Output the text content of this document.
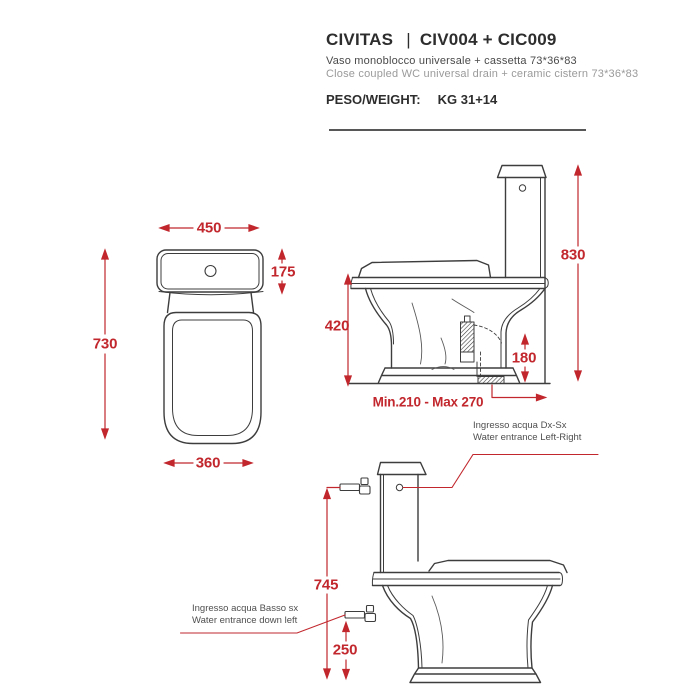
CIVITAS | CIV004 + CIC009
Vaso monoblocco universale + cassetta 73*36*83
Close coupled WC universal drain + ceramic cistern 73*36*83
PESO/WEIGHT: KG 31+14
450
175
730
360
830
420
180
Min.210 - Max 270
745
250
Ingresso acqua Dx-Sx
Water entrance Left-Right
Ingresso acqua Basso sx
Water entrance down left
